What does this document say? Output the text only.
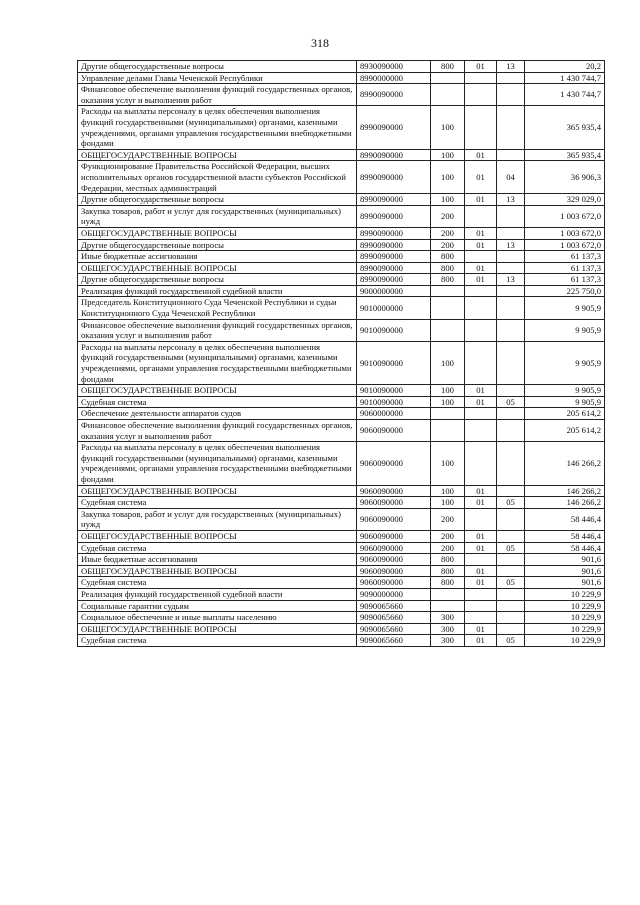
318
Другие общегосударственные вопросы	8930090000	800	01	13	20,2
Управление делами Главы Чеченской Республики	8990000000				1 430 744,7
Финансовое обеспечение выполнения функций государственных органов, оказания услуг и выполнения работ	8990090000				1 430 744,7
Расходы на выплаты персоналу в целях обеспечения выполнения функций государственными (муниципальными) органами, казенными учреждениями, органами управления государственными внебюджетными фондами	8990090000	100			365 935,4
ОБЩЕГОСУДАРСТВЕННЫЕ ВОПРОСЫ	8990090000	100	01		365 935,4
Функционирование Правительства Российской Федерации, высших исполнительных органов государственной власти субъектов Российской Федерации, местных администраций	8990090000	100	01	04	36 906,3
Другие общегосударственные вопросы	8990090000	100	01	13	329 029,0
Закупка товаров, работ и услуг для государственных (муниципальных) нужд	8990090000	200			1 003 672,0
ОБЩЕГОСУДАРСТВЕННЫЕ ВОПРОСЫ	8990090000	200	01		1 003 672,0
Другие общегосударственные вопросы	8990090000	200	01	13	1 003 672,0
Иные бюджетные ассигнования	8990090000	800			61 137,3
ОБЩЕГОСУДАРСТВЕННЫЕ ВОПРОСЫ	8990090000	800	01		61 137,3
Другие общегосударственные вопросы	8990090000	800	01	13	61 137,3
Реализация функций государственной судебной власти	9000000000				225 750,0
Председатель Конституционного Суда Чеченской Республики и судьи Конституционного Суда Чеченской Республики	9010000000				9 905,9
Финансовое обеспечение выполнения функций государственных органов, оказания услуг и выполнения работ	9010090000				9 905,9
Расходы на выплаты персоналу в целях обеспечения выполнения функций государственными (муниципальными) органами, казенными учреждениями, органами управления государственными внебюджетными фондами	9010090000	100			9 905,9
ОБЩЕГОСУДАРСТВЕННЫЕ ВОПРОСЫ	9010090000	100	01		9 905,9
Судебная система	9010090000	100	01	05	9 905,9
Обеспечение деятельности аппаратов судов	9060000000				205 614,2
Финансовое обеспечение выполнения функций государственных органов, оказания услуг и выполнения работ	9060090000				205 614,2
Расходы на выплаты персоналу в целях обеспечения выполнения функций государственными (муниципальными) органами, казенными учреждениями, органами управления государственными внебюджетными фондами	9060090000	100			146 266,2
ОБЩЕГОСУДАРСТВЕННЫЕ ВОПРОСЫ	9060090000	100	01		146 266,2
Судебная система	9060090000	100	01	05	146 266,2
Закупка товаров, работ и услуг для государственных (муниципальных) нужд	9060090000	200			58 446,4
ОБЩЕГОСУДАРСТВЕННЫЕ ВОПРОСЫ	9060090000	200	01		58 446,4
Судебная система	9060090000	200	01	05	58 446,4
Иные бюджетные ассигнования	9060090000	800			901,6
ОБЩЕГОСУДАРСТВЕННЫЕ ВОПРОСЫ	9060090000	800	01		901,6
Судебная система	9060090000	800	01	05	901,6
Реализация функций государственной судебной власти	9090000000				10 229,9
Социальные гарантии судьям	9090065660				10 229,9
Социальное обеспечение и иные выплаты населению	9090065660	300			10 229,9
ОБЩЕГОСУДАРСТВЕННЫЕ ВОПРОСЫ	9090065660	300	01		10 229,9
Судебная система	9090065660	300	01	05	10 229,9
